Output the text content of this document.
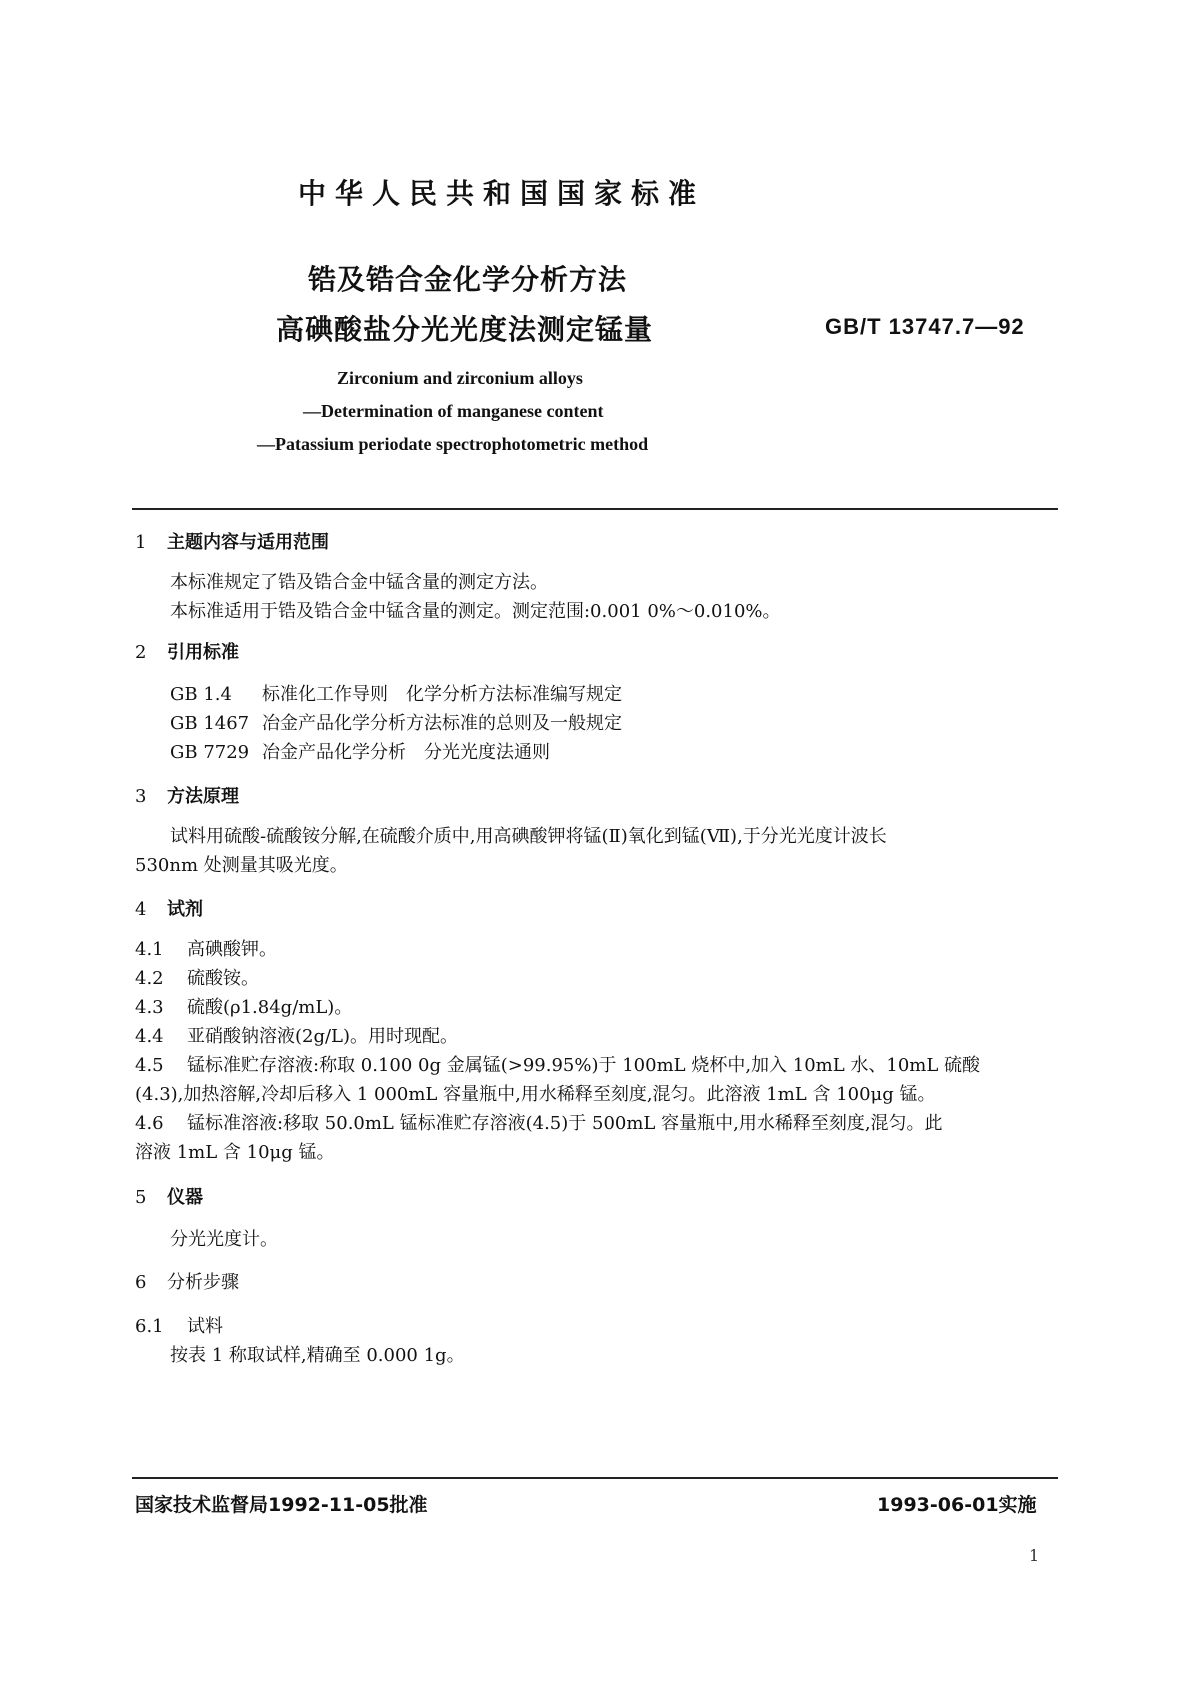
中华人民共和国国家标准
锆及锆合金化学分析方法
高碘酸盐分光光度法测定锰量	GB/T 13747.7—92
Zirconium and zirconium alloys
—Determination of manganese content
—Patassium periodate spectrophotometric method
1 主题内容与适用范围
本标准规定了锆及锆合金中锰含量的测定方法。
本标准适用于锆及锆合金中锰含量的测定。测定范围:0.001 0%～0.010%。
2 引用标准
GB 1.4 标准化工作导则　化学分析方法标准编写规定
GB 1467 冶金产品化学分析方法标准的总则及一般规定
GB 7729 冶金产品化学分析　分光光度法通则
3 方法原理
试料用硫酸-硫酸铵分解,在硫酸介质中,用高碘酸钾将锰(Ⅱ)氧化到锰(Ⅶ),于分光光度计波长
530nm 处测量其吸光度。
4 试剂
4.1 高碘酸钾。
4.2 硫酸铵。
4.3 硫酸(ρ1.84g/mL)。
4.4 亚硝酸钠溶液(2g/L)。用时现配。
4.5 锰标准贮存溶液:称取 0.100 0g 金属锰(>99.95%)于 100mL 烧杯中,加入 10mL 水、10mL 硫酸
(4.3),加热溶解,冷却后移入 1 000mL 容量瓶中,用水稀释至刻度,混匀。此溶液 1mL 含 100μg 锰。
4.6 锰标准溶液:移取 50.0mL 锰标准贮存溶液(4.5)于 500mL 容量瓶中,用水稀释至刻度,混匀。此
溶液 1mL 含 10μg 锰。
5 仪器
分光光度计。
6 分析步骤
6.1 试料
按表 1 称取试样,精确至 0.000 1g。
国家技术监督局1992-11-05批准	1993-06-01实施
1
